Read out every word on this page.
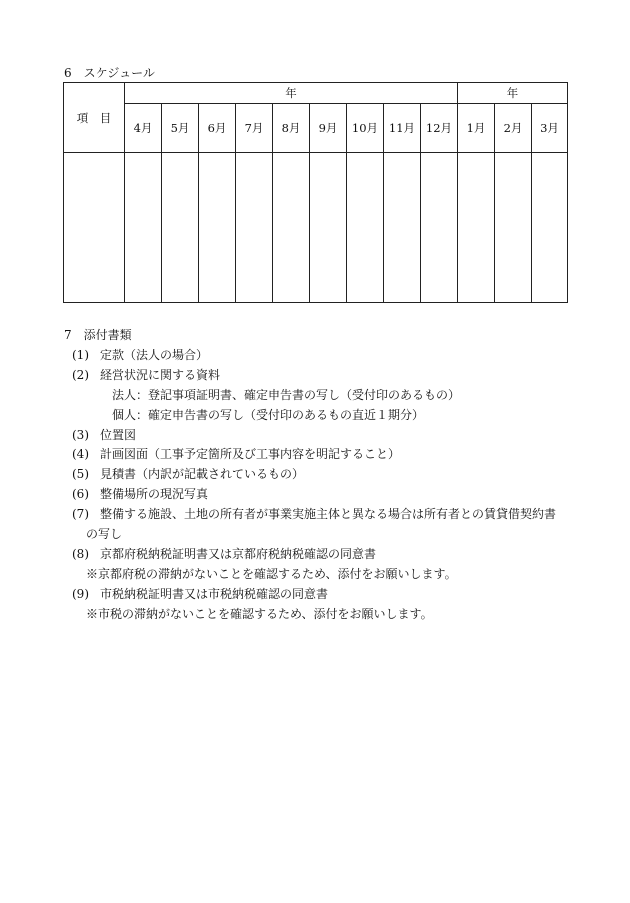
6　スケジュール
項　目	年									年		
	4月	5月	6月	7月	8月	9月	10月	11月	12月	1月	2月	3月

7　添付書類
(1) 定款（法人の場合）
(2) 経営状況に関する資料
法人：登記事項証明書、確定申告書の写し（受付印のあるもの）
個人：確定申告書の写し（受付印のあるもの直近１期分）
(3) 位置図
(4) 計画図面（工事予定箇所及び工事内容を明記すること）
(5) 見積書（内訳が記載されているもの）
(6) 整備場所の現況写真
(7) 整備する施設、土地の所有者が事業実施主体と異なる場合は所有者との賃貸借契約書
の写し
(8) 京都府税納税証明書又は京都府税納税確認の同意書
※京都府税の滞納がないことを確認するため、添付をお願いします。
(9) 市税納税証明書又は市税納税確認の同意書
※市税の滞納がないことを確認するため、添付をお願いします。
